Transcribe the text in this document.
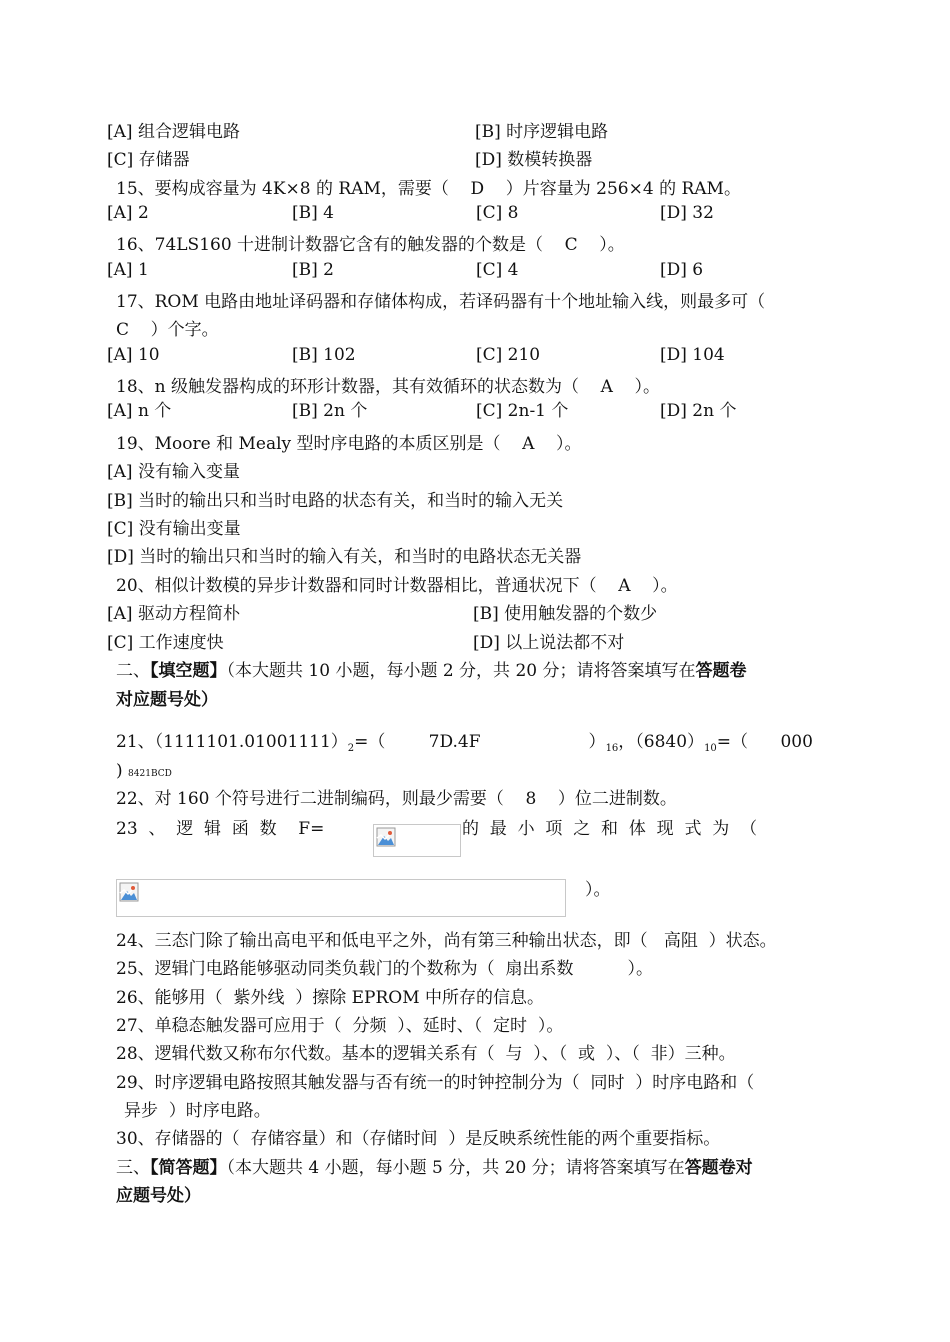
[A] 组合逻辑电路	[B] 时序逻辑电路
[C] 存储器	[D] 数模转换器
15、要构成容量为 4K×8 的 RAM，需要（    D    ）片容量为 256×4 的 RAM。
[A] 2	[B] 4	[C] 8	[D] 32
16、74LS160 十进制计数器它含有的触发器的个数是（    C    ）。
[A] 1	[B] 2	[C] 4	[D] 6
17、ROM 电路由地址译码器和存储体构成，若译码器有十个地址输入线，则最多可（
C    ）个字。
[A] 10	[B] 102	[C] 210	[D] 104
18、n 级触发器构成的环形计数器，其有效循环的状态数为（    A    ）。
[A] n 个	[B] 2n 个	[C] 2n-1 个	[D] 2n 个
19、Moore 和 Mealy 型时序电路的本质区别是（    A    ）。
[A] 没有输入变量
[B] 当时的输出只和当时电路的状态有关，和当时的输入无关
[C] 没有输出变量
[D] 当时的输出只和当时的输入有关，和当时的电路状态无关器
20、相似计数模的异步计数器和同时计数器相比，普通状况下（    A    ）。
[A] 驱动方程简朴	[B] 使用触发器的个数少
[C] 工作速度快	[D] 以上说法都不对
二、【填空题】（本大题共 10 小题，每小题 2 分，共 20 分；请将答案填写在答题卷
对应题号处）
21、$(1111101.01001111)_2=$（        7D.4F                    ）$_{16}$，$(6840)_{10}=$（      000
) 8421BCD
22、对 160 个符号进行二进制编码，则最少需要（    8    ）位二进制数。
23  、  逻  辑  函  数    F=	的  最  小  项  之  和  体  现  式  为  （
）。
24、三态门除了输出高电平和低电平之外，尚有第三种输出状态，即（   高阻  ）状态。
25、逻辑门电路能够驱动同类负载门的个数称为（  扇出系数          ）。
26、能够用（  紫外线  ）擦除 EPROM 中所存的信息。
27、单稳态触发器可应用于（  分频  ）、延时、（  定时  ）。
28、逻辑代数又称布尔代数。基本的逻辑关系有（  与  ）、（  或  ）、（  非）三种。
29、时序逻辑电路按照其触发器与否有统一的时钟控制分为（  同时  ）时序电路和（
异步  ）时序电路。
30、存储器的（  存储容量）和（存储时间  ）是反映系统性能的两个重要指标。
三、【简答题】（本大题共 4 小题，每小题 5 分，共 20 分；请将答案填写在答题卷对
应题号处）
